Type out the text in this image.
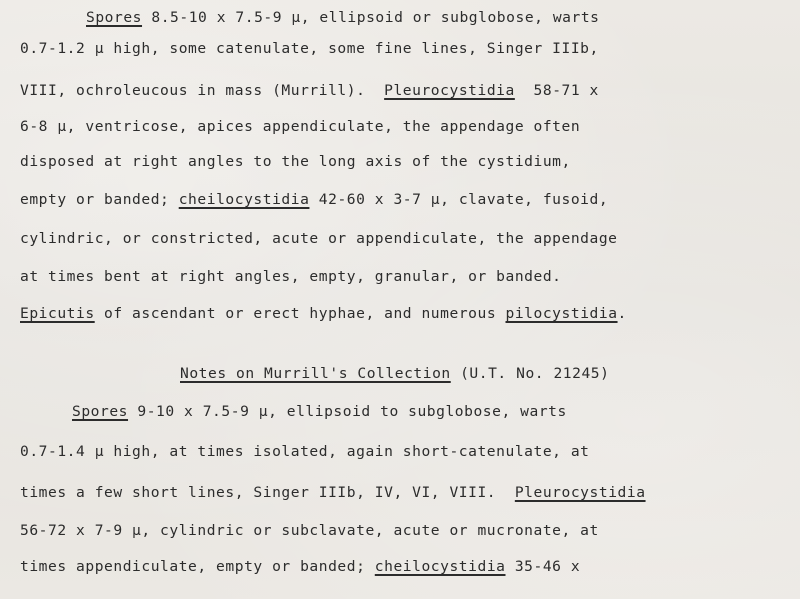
Spores 8.5-10 x 7.5-9 µ, ellipsoid or subglobose, warts
0.7-1.2 µ high, some catenulate, some fine lines, Singer IIIb,
VIII, ochroleucous in mass (Murrill).  Pleurocystidia  58-71 x
6-8 µ, ventricose, apices appendiculate, the appendage often
disposed at right angles to the long axis of the cystidium,
empty or banded; cheilocystidia 42-60 x 3-7 µ, clavate, fusoid,
cylindric, or constricted, acute or appendiculate, the appendage
at times bent at right angles, empty, granular, or banded.
Epicutis of ascendant or erect hyphae, and numerous pilocystidia.
Notes on Murrill's Collection (U.T. No. 21245)
Spores 9-10 x 7.5-9 µ, ellipsoid to subglobose, warts
0.7-1.4 µ high, at times isolated, again short-catenulate, at
times a few short lines, Singer IIIb, IV, VI, VIII.  Pleurocystidia
56-72 x 7-9 µ, cylindric or subclavate, acute or mucronate, at
times appendiculate, empty or banded; cheilocystidia 35-46 x
